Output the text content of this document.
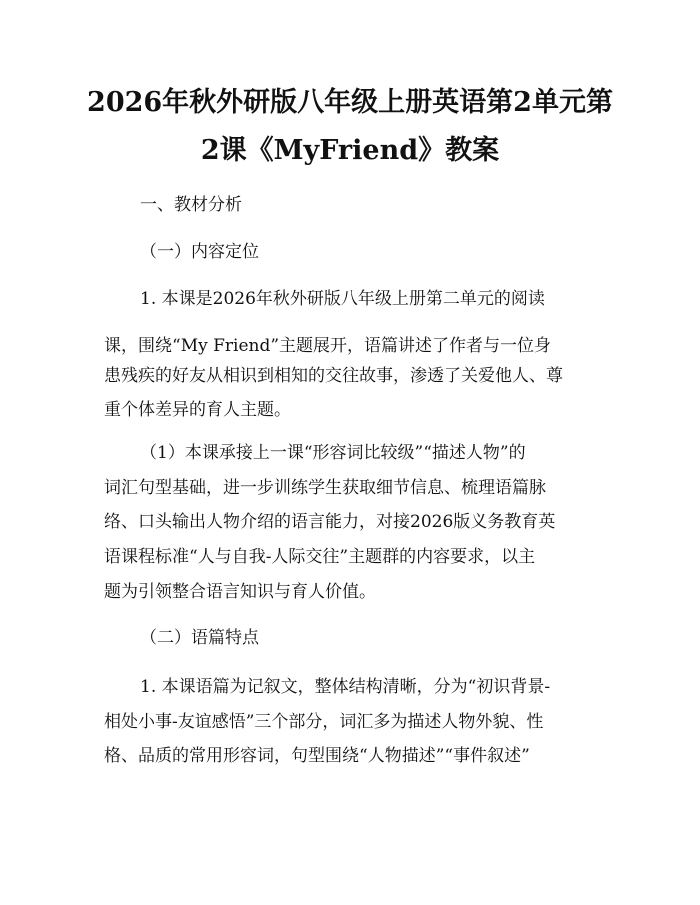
2026年秋外研版八年级上册英语第2单元第
2课《MyFriend》教案
一、教材分析
（一）内容定位
1. 本课是2026年秋外研版八年级上册第二单元的阅读
课，围绕“My Friend”主题展开，语篇讲述了作者与一位身
患残疾的好友从相识到相知的交往故事，渗透了关爱他人、尊
重个体差异的育人主题。
（1）本课承接上一课“形容词比较级”“描述人物”的
词汇句型基础，进一步训练学生获取细节信息、梳理语篇脉
络、口头输出人物介绍的语言能力，对接2026版义务教育英
语课程标准“人与自我-人际交往”主题群的内容要求，以主
题为引领整合语言知识与育人价值。
（二）语篇特点
1. 本课语篇为记叙文，整体结构清晰，分为“初识背景-
相处小事-友谊感悟”三个部分，词汇多为描述人物外貌、性
格、品质的常用形容词，句型围绕“人物描述”“事件叙述”
